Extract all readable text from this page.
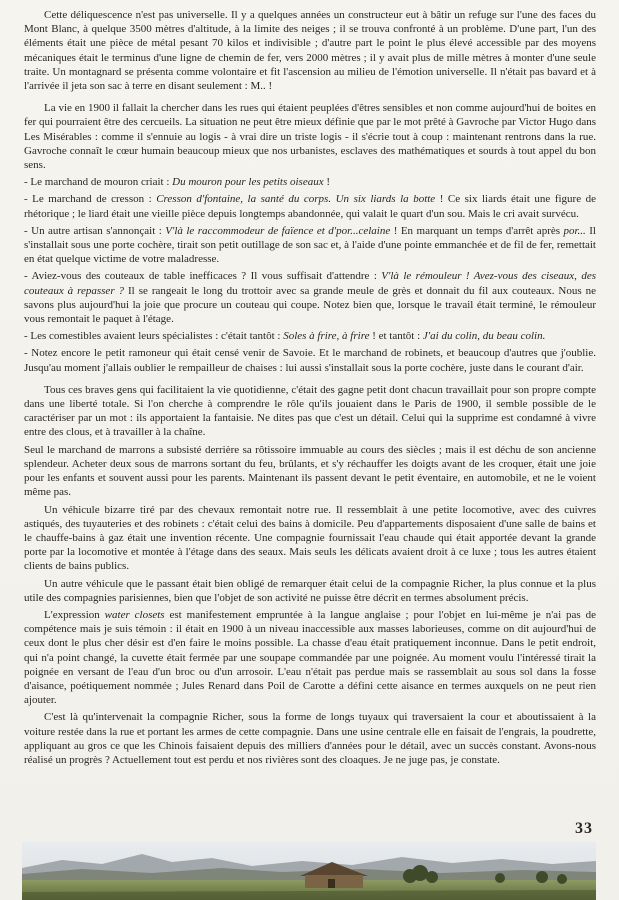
Cette déliquescence n'est pas universelle. Il y a quelques années un constructeur eut à bâtir un refuge sur l'une des faces du Mont Blanc, à quelque 3500 mètres d'altitude, à la limite des neiges ; il se trouva confronté à un problème. D'une part, l'un des éléments était une pièce de métal pesant 70 kilos et indivisible ; d'autre part le point le plus élevé accessible par des moyens mécaniques était le terminus d'une ligne de chemin de fer, vers 2000 mètres ; il y avait plus de mille mètres à monter d'une seule traite. Un montagnard se présenta comme volontaire et fit l'ascension au milieu de l'émotion universelle. Il n'était pas bavard et à l'arrivée il jeta son sac à terre en disant seulement : M.. !

La vie en 1900 il fallait la chercher dans les rues qui étaient peuplées d'êtres sensibles et non comme aujourd'hui de boites en fer qui pourraient être des cercueils. La situation ne peut être mieux définie que par le mot prêté à Gavroche par Victor Hugo dans Les Misérables : comme il s'ennuie au logis - à vrai dire un triste logis - il s'écrie tout à coup : maintenant rentrons dans la rue. Gavroche connaît le cœur humain beaucoup mieux que nos urbanistes, esclaves des mathématiques et sourds à tout appel du bon sens.

- Le marchand de mouron criait : Du mouron pour les petits oiseaux !

- Le marchand de cresson : Cresson d'fontaine, la santé du corps. Un six liards la botte ! Ce six liards était une figure de rhétorique ; le liard était une vieille pièce depuis longtemps abandonnée, qui valait le quart d'un sou. Mais le cri avait survécu.

- Un autre artisan s'annonçait : V'là le raccommodeur de faïence et d'por...celaine ! En marquant un temps d'arrêt après por... Il s'installait sous une porte cochère, tirait son petit outillage de son sac et, à l'aide d'une pointe emmanchée et de fil de fer, remettait en état quelque victime de votre maladresse.

- Aviez-vous des couteaux de table inefficaces ? Il vous suffisait d'attendre : V'là le rémouleur ! Avez-vous des ciseaux, des couteaux à repasser ? Il se rangeait le long du trottoir avec sa grande meule de grès et donnait du fil aux couteaux. Nous ne savons plus aujourd'hui la joie que procure un couteau qui coupe. Notez bien que, lorsque le travail était terminé, le rémouleur vous remontait le paquet à l'étage.

- Les comestibles avaient leurs spécialistes : c'était tantôt : Soles à frire, à frire ! et tantôt : J'ai du colin, du beau colin.

- Notez encore le petit ramoneur qui était censé venir de Savoie. Et le marchand de robinets, et beaucoup d'autres que j'oublie. Jusqu'au moment j'allais oublier le rempailleur de chaises : lui aussi s'installait sous la porte cochère, juste dans le courant d'air.

Tous ces braves gens qui facilitaient la vie quotidienne, c'était des gagne petit dont chacun travaillait pour son propre compte dans une liberté totale. Si l'on cherche à comprendre le rôle qu'ils jouaient dans le Paris de 1900, il semble possible de le caractériser par un mot : ils apportaient la fantaisie. Ne dites pas que c'est un détail. Celui qui la supprime est condamné à vivre entre des clous, et à travailler à la chaîne.

Seul le marchand de marrons a subsisté derrière sa rôtissoire immuable au cours des siècles ; mais il est déchu de son ancienne splendeur. Acheter deux sous de marrons sortant du feu, brûlants, et s'y réchauffer les doigts avant de les croquer, était une joie pour les enfants et souvent aussi pour les parents. Maintenant ils passent devant le petit éventaire, en automobile, et ne le voient même pas.

Un véhicule bizarre tiré par des chevaux remontait notre rue. Il ressemblait à une petite locomotive, avec des cuivres astiqués, des tuyauteries et des robinets : c'était celui des bains à domicile. Peu d'appartements disposaient d'une salle de bains et le chauffe-bains à gaz était une invention récente. Une compagnie fournissait l'eau chaude qui était apportée devant la grande porte par la locomotive et montée à l'étage dans des seaux. Mais seuls les délicats avaient droit à ce luxe ; tous les autres étaient clients de bains publics.

Un autre véhicule que le passant était bien obligé de remarquer était celui de la compagnie Richer, la plus connue et la plus utile des compagnies parisiennes, bien que l'objet de son activité ne puisse être décrit en termes absolument précis.

L'expression water closets est manifestement empruntée à la langue anglaise ; pour l'objet en lui-même je n'ai pas de compétence mais je suis témoin : il était en 1900 à un niveau inaccessible aux masses laborieuses, comme on dit aujourd'hui de ceux dont le plus cher désir est d'en faire le moins possible. La chasse d'eau était pratiquement inconnue. Dans le petit endroit, qui n'a point changé, la cuvette était fermée par une soupape commandée par une poignée. Au moment voulu l'intéressé tirait la poignée en versant de l'eau d'un broc ou d'un arrosoir. L'eau n'était pas perdue mais se rassemblait au sous sol dans la fosse d'aisance, poétiquement nommée ; Jules Renard dans Poil de Carotte a défini cette aisance en termes auxquels on ne peut rien ajouter.

C'est là qu'intervenait la compagnie Richer, sous la forme de longs tuyaux qui traversaient la cour et aboutissaient à la voiture restée dans la rue et portant les armes de cette compagnie. Dans une usine centrale elle en faisait de l'engrais, la poudrette, appliquant au gros ce que les Chinois faisaient depuis des milliers d'années pour le détail, avec un succès constant. Avons-nous réalisé un progrès ? Actuellement tout est perdu et nos rivières sont des cloaques. Je ne juge pas, je constate.

33
